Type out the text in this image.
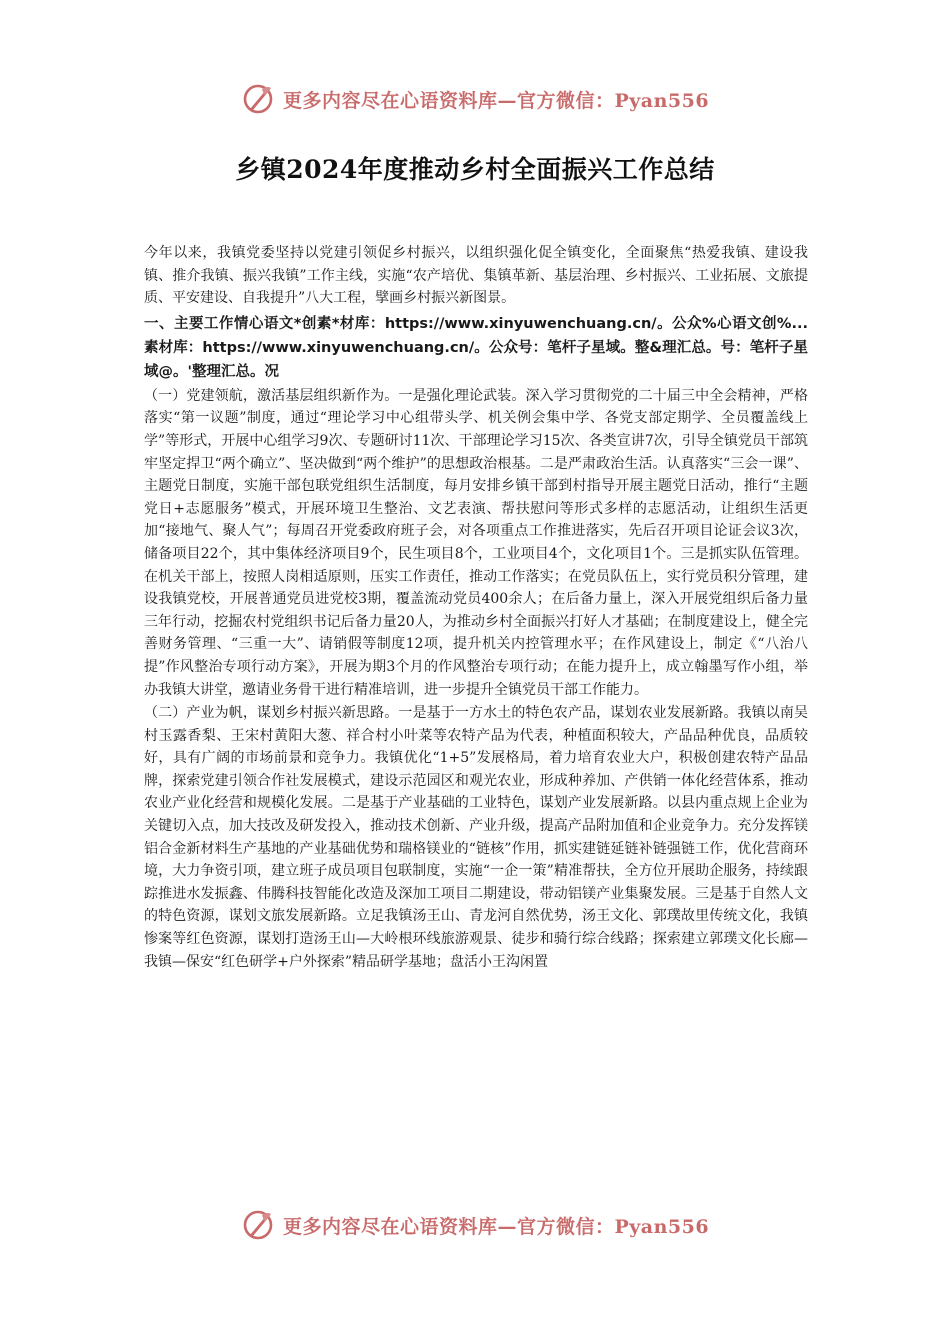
更多内容尽在心语资料库—官方微信：Pyan556
乡镇2024年度推动乡村全面振兴工作总结

今年以来，我镇党委坚持以党建引领促乡村振兴，以组织强化促全镇变化，全面聚焦“热爱我镇、建设我镇、推介我镇、振兴我镇”工作主线，实施“农产培优、集镇革新、基层治理、乡村振兴、工业拓展、文旅提质、平安建设、自我提升”八大工程，擘画乡村振兴新图景。

一、主要工作情心语文*创素*材库：https://www.xinyuwenchuang.cn/。公众%心语文创%...素材库：https://www.xinyuwenchuang.cn/。公众号：笔杆子星域。整&理汇总。号：笔杆子星域@。'整理汇总。况

（一）党建领航，激活基层组织新作为。一是强化理论武装。深入学习贯彻党的二十届三中全会精神，严格落实“第一议题”制度，通过“理论学习中心组带头学、机关例会集中学、各党支部定期学、全员覆盖线上学”等形式，开展中心组学习9次、专题研讨11次、干部理论学习15次、各类宣讲7次，引导全镇党员干部筑牢坚定捍卫“两个确立”、坚决做到“两个维护”的思想政治根基。二是严肃政治生活。认真落实“三会一课”、主题党日制度，实施干部包联党组织生活制度，每月安排乡镇干部到村指导开展主题党日活动，推行“主题党日+志愿服务”模式，开展环境卫生整治、文艺表演、帮扶慰问等形式多样的志愿活动，让组织生活更加“接地气、聚人气”；每周召开党委政府班子会，对各项重点工作推进落实，先后召开项目论证会议3次，储备项目22个，其中集体经济项目9个，民生项目8个，工业项目4个，文化项目1个。三是抓实队伍管理。在机关干部上，按照人岗相适原则，压实工作责任，推动工作落实；在党员队伍上，实行党员积分管理，建设我镇党校，开展普通党员进党校3期，覆盖流动党员400余人；在后备力量上，深入开展党组织后备力量三年行动，挖掘农村党组织书记后备力量20人，为推动乡村全面振兴打好人才基础；在制度建设上，健全完善财务管理、“三重一大”、请销假等制度12项，提升机关内控管理水平；在作风建设上，制定《“八治八提”作风整治专项行动方案》，开展为期3个月的作风整治专项行动；在能力提升上，成立翰墨写作小组，举办我镇大讲堂，邀请业务骨干进行精准培训，进一步提升全镇党员干部工作能力。

（二）产业为帆，谋划乡村振兴新思路。一是基于一方水土的特色农产品，谋划农业发展新路。我镇以南吴村玉露香梨、王宋村黄阳大葱、祥合村小叶菜等农特产品为代表，种植面积较大，产品品种优良，品质较好，具有广阔的市场前景和竞争力。我镇优化“1+5”发展格局，着力培育农业大户，积极创建农特产品品牌，探索党建引领合作社发展模式，建设示范园区和观光农业，形成种养加、产供销一体化经营体系，推动农业产业化经营和规模化发展。二是基于产业基础的工业特色，谋划产业发展新路。以县内重点规上企业为关键切入点，加大技改及研发投入，推动技术创新、产业升级，提高产品附加值和企业竞争力。充分发挥镁铝合金新材料生产基地的产业基础优势和瑞格镁业的“链核”作用，抓实建链延链补链强链工作，优化营商环境，大力争资引项，建立班子成员项目包联制度，实施“一企一策”精准帮扶，全方位开展助企服务，持续跟踪推进水发振鑫、伟腾科技智能化改造及深加工项目二期建设，带动铝镁产业集聚发展。三是基于自然人文的特色资源，谋划文旅发展新路。立足我镇汤王山、青龙河自然优势，汤王文化、郭璞故里传统文化，我镇惨案等红色资源，谋划打造汤王山—大岭根环线旅游观景、徒步和骑行综合线路；探索建立郭璞文化长廊—我镇—保安“红色研学+户外探索”精品研学基地；盘活小王沟闲置

更多内容尽在心语资料库—官方微信：Pyan556
